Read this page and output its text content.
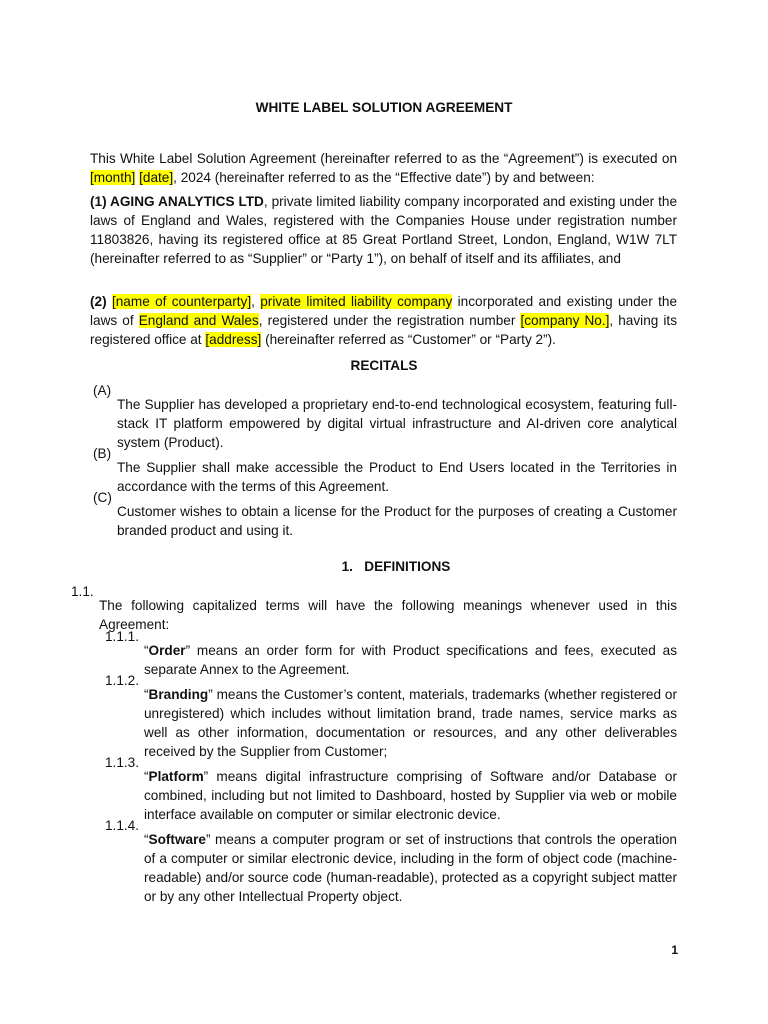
WHITE LABEL SOLUTION AGREEMENT

This White Label Solution Agreement (hereinafter referred to as the “Agreement”) is executed on [month] [date], 2024 (hereinafter referred to as the “Effective date”) by and between:

(1) AGING ANALYTICS LTD, private limited liability company incorporated and existing under the laws of England and Wales, registered with the Companies House under registration number 11803826, having its registered office at 85 Great Portland Street, London, England, W1W 7LT (hereinafter referred to as “Supplier” or “Party 1”), on behalf of itself and its affiliates, and

(2) [name of counterparty], private limited liability company incorporated and existing under the laws of England and Wales, registered under the registration number [company No.], having its registered office at [address] (hereinafter referred as “Customer” or “Party 2”).

RECITALS
(A)

The Supplier has developed a proprietary end-to-end technological ecosystem, featuring full-stack IT platform empowered by digital virtual infrastructure and AI-driven core analytical system (Product).

(B)

The Supplier shall make accessible the Product to End Users located in the Territories in accordance with the terms of this Agreement.

(C)

Customer wishes to obtain a license for the Product for the purposes of creating a Customer branded product and using it.

1.   DEFINITIONS
1.1.

The following capitalized terms will have the following meanings whenever used in this Agreement:

1.1.1.

“Order” means an order form for with Product specifications and fees, executed as separate Annex to the Agreement.

1.1.2.

“Branding” means the Customer’s content, materials, trademarks (whether registered or unregistered) which includes without limitation brand, trade names, service marks as well as other information, documentation or resources, and any other deliverables received by the Supplier from Customer;

1.1.3.

“Platform” means digital infrastructure comprising of Software and/or Database or combined, including but not limited to Dashboard, hosted by Supplier via web or mobile interface available on computer or similar electronic device.

1.1.4.

“Software” means a computer program or set of instructions that controls the operation of a computer or similar electronic device, including in the form of object code (machine-readable) and/or source code (human-readable), protected as a copyright subject matter or by any other Intellectual Property object.

1
